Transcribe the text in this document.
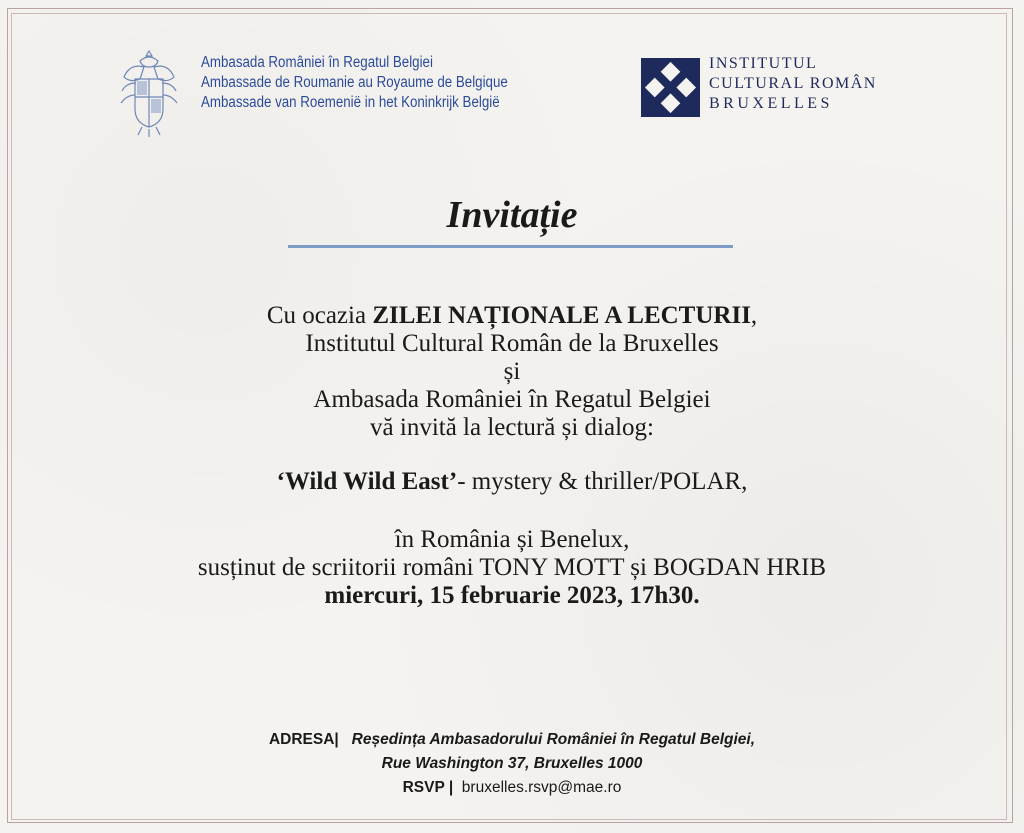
Ambasada României în Regatul Belgiei
Ambassade de Roumanie au Royaume de Belgique
Ambassade van Roemenië in het Koninkrijk België
INSTITUTUL
CULTURAL ROMÂN
BRUXELLES
Invitație
Cu ocazia ZILEI NAȚIONALE A LECTURII,
Institutul Cultural Român de la Bruxelles
și
Ambasada României în Regatul Belgiei
vă invită la lectură și dialog:
‘Wild Wild East’- mystery & thriller/POLAR,
în România și Benelux,
susținut de scriitorii români TONY MOTT și BOGDAN HRIB
miercuri, 15 februarie 2023, 17h30.
ADRESA| Reședința Ambasadorului României în Regatul Belgiei,
Rue Washington 37, Bruxelles 1000
RSVP | bruxelles.rsvp@mae.ro
